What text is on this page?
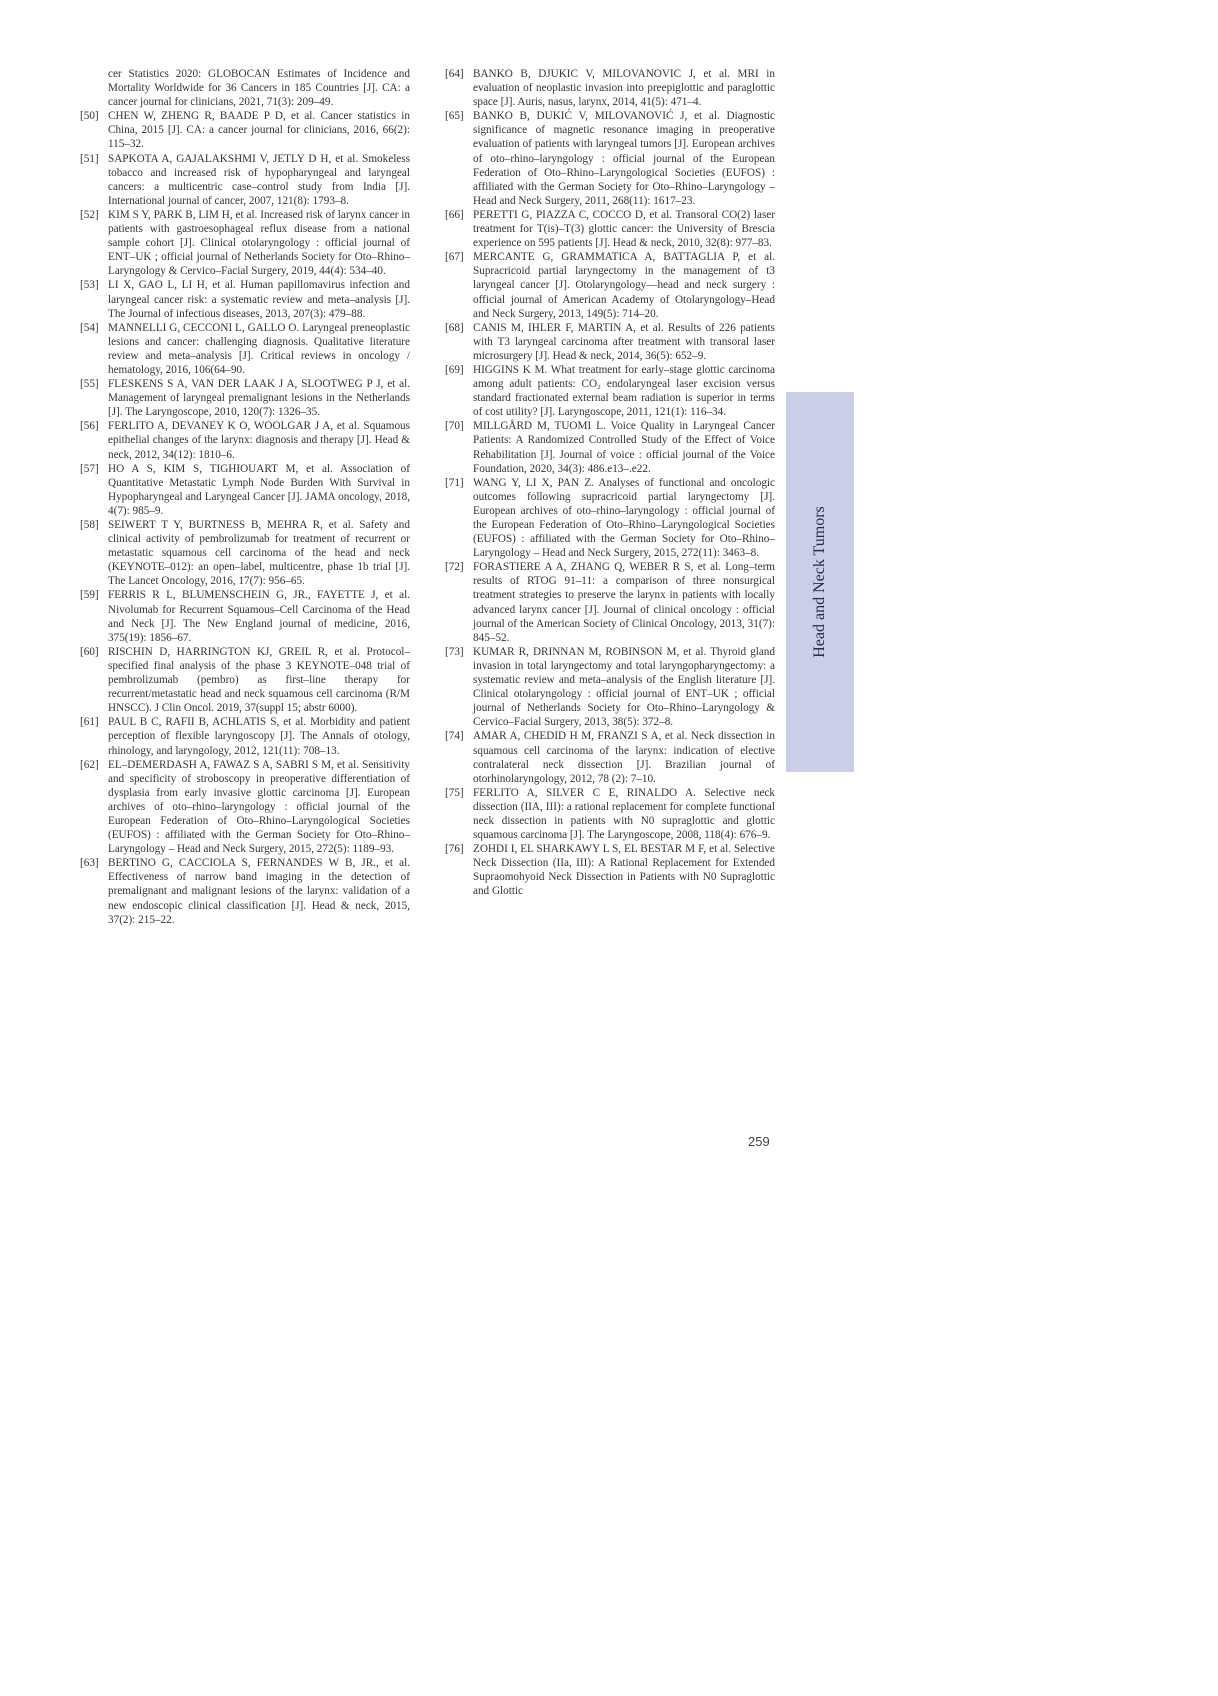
cer Statistics 2020: GLOBOCAN Estimates of Incidence and Mortality Worldwide for 36 Cancers in 185 Countries [J]. CA: a cancer journal for clinicians, 2021, 71(3): 209–49.

[50] CHEN W, ZHENG R, BAADE P D, et al. Cancer statistics in China, 2015 [J]. CA: a cancer journal for clinicians, 2016, 66(2): 115–32.

[51] SAPKOTA A, GAJALAKSHMI V, JETLY D H, et al. Smokeless tobacco and increased risk of hypopharyngeal and laryngeal cancers: a multicentric case–control study from India [J]. International journal of cancer, 2007, 121(8): 1793–8.

[52] KIM S Y, PARK B, LIM H, et al. Increased risk of larynx cancer in patients with gastroesophageal reflux disease from a national sample cohort [J]. Clinical otolaryngology : official journal of ENT–UK ; official journal of Netherlands Society for Oto–Rhino–Laryngology & Cervico–Facial Surgery, 2019, 44(4): 534–40.

[53] LI X, GAO L, LI H, et al. Human papillomavirus infection and laryngeal cancer risk: a systematic review and meta–analysis [J]. The Journal of infectious diseases, 2013, 207(3): 479–88.

[54] MANNELLI G, CECCONI L, GALLO O. Laryngeal preneoplastic lesions and cancer: challenging diagnosis. Qualitative literature review and meta–analysis [J]. Critical reviews in oncology / hematology, 2016, 106(64–90.

[55] FLESKENS S A, VAN DER LAAK J A, SLOOTWEG P J, et al. Management of laryngeal premalignant lesions in the Netherlands [J]. The Laryngoscope, 2010, 120(7): 1326–35.

[56] FERLITO A, DEVANEY K O, WOOLGAR J A, et al. Squamous epithelial changes of the larynx: diagnosis and therapy [J]. Head & neck, 2012, 34(12): 1810–6.

[57] HO A S, KIM S, TIGHIOUART M, et al. Association of Quantitative Metastatic Lymph Node Burden With Survival in Hypopharyngeal and Laryngeal Cancer [J]. JAMA oncology, 2018, 4(7): 985–9.

[58] SEIWERT T Y, BURTNESS B, MEHRA R, et al. Safety and clinical activity of pembrolizumab for treatment of recurrent or metastatic squamous cell carcinoma of the head and neck (KEYNOTE–012): an open–label, multicentre, phase 1b trial [J]. The Lancet Oncology, 2016, 17(7): 956–65.

[59] FERRIS R L, BLUMENSCHEIN G, JR., FAYETTE J, et al. Nivolumab for Recurrent Squamous–Cell Carcinoma of the Head and Neck [J]. The New England journal of medicine, 2016, 375(19): 1856–67.

[60] RISCHIN D, HARRINGTON KJ, GREIL R, et al. Protocol–specified final analysis of the phase 3 KEYNOTE–048 trial of pembrolizumab (pembro) as first–line therapy for recurrent/metastatic head and neck squamous cell carcinoma (R/M HNSCC). J Clin Oncol. 2019, 37(suppl 15; abstr 6000).

[61] PAUL B C, RAFII B, ACHLATIS S, et al. Morbidity and patient perception of flexible laryngoscopy [J]. The Annals of otology, rhinology, and laryngology, 2012, 121(11): 708–13.

[62] EL–DEMERDASH A, FAWAZ S A, SABRI S M, et al. Sensitivity and specificity of stroboscopy in preoperative differentiation of dysplasia from early invasive glottic carcinoma [J]. European archives of oto–rhino–laryngology : official journal of the European Federation of Oto–Rhino–Laryngological Societies (EUFOS) : affiliated with the German Society for Oto–Rhino–Laryngology – Head and Neck Surgery, 2015, 272(5): 1189–93.

[63] BERTINO G, CACCIOLA S, FERNANDES W B, JR., et al. Effectiveness of narrow band imaging in the detection of premalignant and malignant lesions of the larynx: validation of a new endoscopic clinical classification [J]. Head & neck, 2015, 37(2): 215–22.

[64] BANKO B, DJUKIC V, MILOVANOVIC J, et al. MRI in evaluation of neoplastic invasion into preepiglottic and paraglottic space [J]. Auris, nasus, larynx, 2014, 41(5): 471–4.

[65] BANKO B, DUKIĆ V, MILOVANOVIĆ J, et al. Diagnostic significance of magnetic resonance imaging in preoperative evaluation of patients with laryngeal tumors [J]. European archives of oto–rhino–laryngology : official journal of the European Federation of Oto–Rhino–Laryngological Societies (EUFOS) : affiliated with the German Society for Oto–Rhino–Laryngology – Head and Neck Surgery, 2011, 268(11): 1617–23.

[66] PERETTI G, PIAZZA C, COCCO D, et al. Transoral CO(2) laser treatment for T(is)–T(3) glottic cancer: the University of Brescia experience on 595 patients [J]. Head & neck, 2010, 32(8): 977–83.

[67] MERCANTE G, GRAMMATICA A, BATTAGLIA P, et al. Supracricoid partial laryngectomy in the management of t3 laryngeal cancer [J]. Otolaryngology––head and neck surgery : official journal of American Academy of Otolaryngology–Head and Neck Surgery, 2013, 149(5): 714–20.

[68] CANIS M, IHLER F, MARTIN A, et al. Results of 226 patients with T3 laryngeal carcinoma after treatment with transoral laser microsurgery [J]. Head & neck, 2014, 36(5): 652–9.

[69] HIGGINS K M. What treatment for early–stage glottic carcinoma among adult patients: CO₂ endolaryngeal laser excision versus standard fractionated external beam radiation is superior in terms of cost utility? [J]. Laryngoscope, 2011, 121(1): 116–34.

[70] MILLGÅRD M, TUOMI L. Voice Quality in Laryngeal Cancer Patients: A Randomized Controlled Study of the Effect of Voice Rehabilitation [J]. Journal of voice : official journal of the Voice Foundation, 2020, 34(3): 486.e13–.e22.

[71] WANG Y, LI X, PAN Z. Analyses of functional and oncologic outcomes following supracricoid partial laryngectomy [J]. European archives of oto–rhino–laryngology : official journal of the European Federation of Oto–Rhino–Laryngological Societies (EUFOS) : affiliated with the German Society for Oto–Rhino–Laryngology – Head and Neck Surgery, 2015, 272(11): 3463–8.

[72] FORASTIERE A A, ZHANG Q, WEBER R S, et al. Long–term results of RTOG 91–11: a comparison of three nonsurgical treatment strategies to preserve the larynx in patients with locally advanced larynx cancer [J]. Journal of clinical oncology : official journal of the American Society of Clinical Oncology, 2013, 31(7): 845–52.

[73] KUMAR R, DRINNAN M, ROBINSON M, et al. Thyroid gland invasion in total laryngectomy and total laryngopharyngectomy: a systematic review and meta–analysis of the English literature [J]. Clinical otolaryngology : official journal of ENT–UK ; official journal of Netherlands Society for Oto–Rhino–Laryngology & Cervico–Facial Surgery, 2013, 38(5): 372–8.

[74] AMAR A, CHEDID H M, FRANZI S A, et al. Neck dissection in squamous cell carcinoma of the larynx: indication of elective contralateral neck dissection [J]. Brazilian journal of otorhinolaryngology, 2012, 78 (2): 7–10.

[75] FERLITO A, SILVER C E, RINALDO A. Selective neck dissection (IIA, III): a rational replacement for complete functional neck dissection in patients with N0 supraglottic and glottic squamous carcinoma [J]. The Laryngoscope, 2008, 118(4): 676–9.

[76] ZOHDI I, EL SHARKAWY L S, EL BESTAR M F, et al. Selective Neck Dissection (IIa, III): A Rational Replacement for Extended Supraomohyoid Neck Dissection in Patients with N0 Supraglottic and Glottic

Head and Neck Tumors
259
